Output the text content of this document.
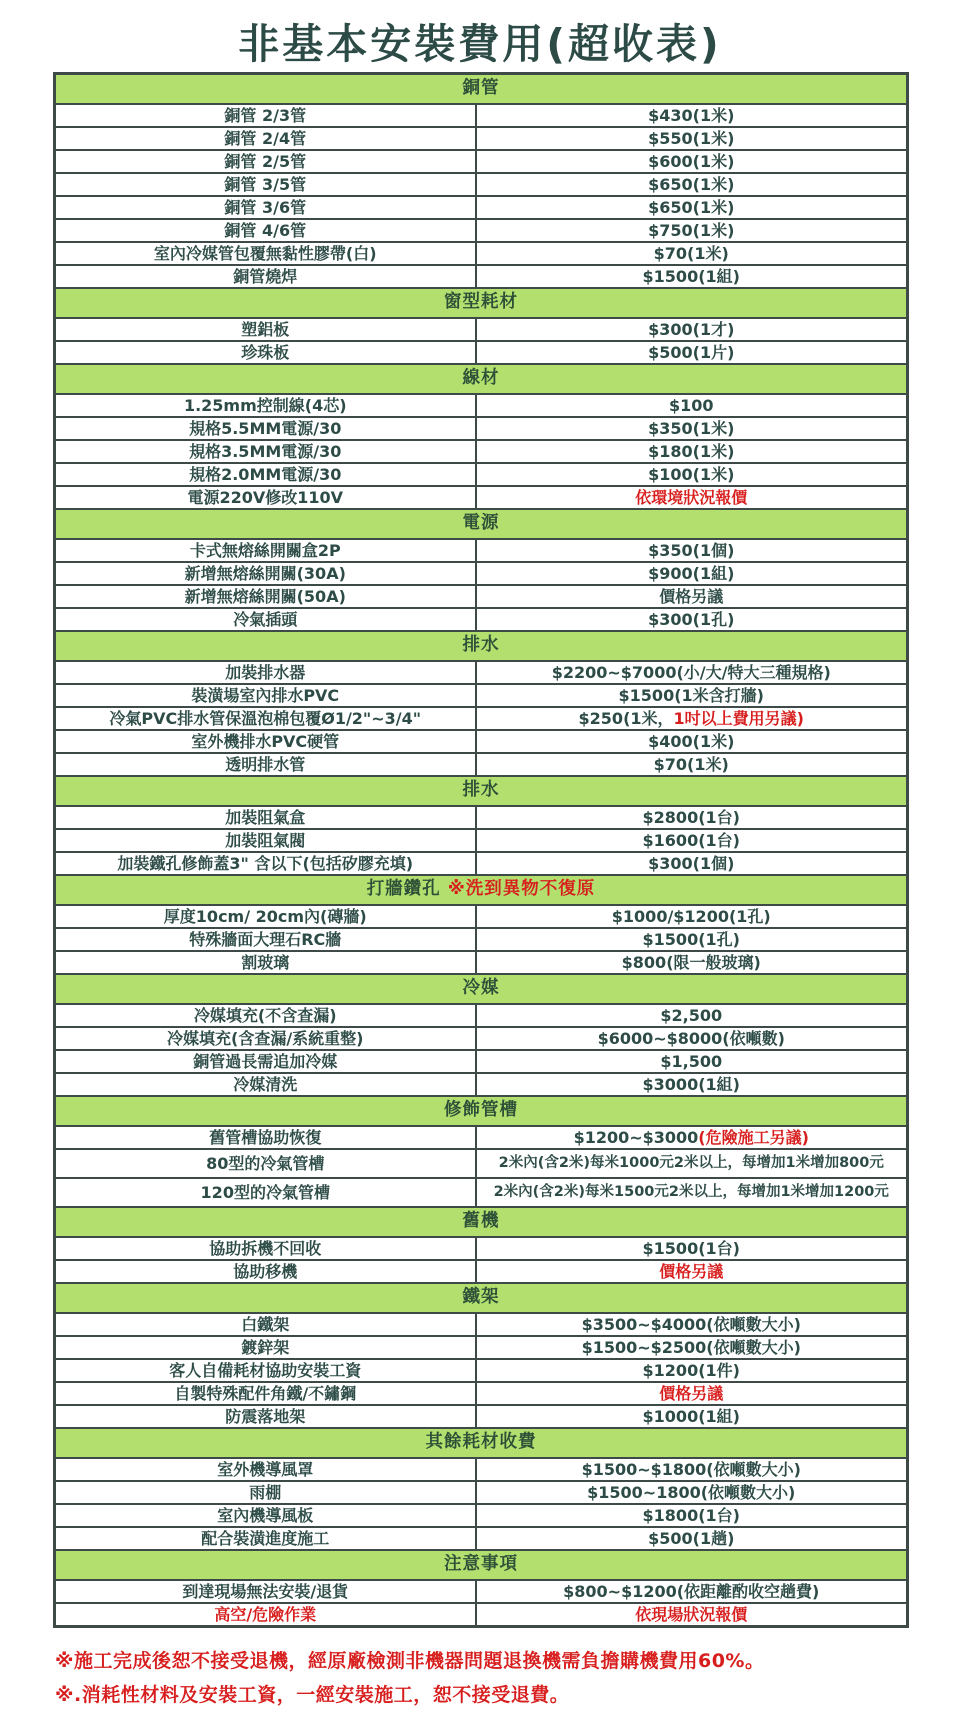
非基本安裝費用(超收表)
銅管	
銅管 2/3管	$430(1米)
銅管 2/4管	$550(1米)
銅管 2/5管	$600(1米)
銅管 3/5管	$650(1米)
銅管 3/6管	$650(1米)
銅管 4/6管	$750(1米)
室內冷媒管包覆無黏性膠帶(白)	$70(1米)
銅管燒焊	$1500(1組)
窗型耗材	
塑鋁板	$300(1才)
珍珠板	$500(1片)
線材	
1.25mm控制線(4芯)	$100
規格5.5MM電源/30	$350(1米)
規格3.5MM電源/30	$180(1米)
規格2.0MM電源/30	$100(1米)
電源220V修改110V	依環境狀況報價
電源	
卡式無熔絲開關盒2P	$350(1個)
新增無熔絲開關(30A)	$900(1組)
新增無熔絲開關(50A)	價格另議
冷氣插頭	$300(1孔)
排水	
加裝排水器	$2200~$7000(小/大/特大三種規格)
裝潢場室內排水PVC	$1500(1米含打牆)
冷氣PVC排水管保溫泡棉包覆Ø1/2"~3/4"	$250(1米，1吋以上費用另議)
室外機排水PVC硬管	$400(1米)
透明排水管	$70(1米)
排水	
加裝阻氣盒	$2800(1台)
加裝阻氣閥	$1600(1台)
加裝鐵孔修飾蓋3" 含以下(包括矽膠充填)	$300(1個)
打牆鑽孔 ※洗到異物不復原	
厚度10cm/ 20cm內(磚牆)	$1000/$1200(1孔)
特殊牆面大理石RC牆	$1500(1孔)
割玻璃	$800(限一般玻璃)
冷媒	
冷媒填充(不含查漏)	$2,500
冷媒填充(含查漏/系統重整)	$6000~$8000(依噸數)
銅管過長需追加冷媒	$1,500
冷媒清洗	$3000(1組)
修飾管槽	
舊管槽協助恢復	$1200~$3000(危險施工另議)
80型的冷氣管槽	2米內(含2米)每米1000元2米以上，每增加1米增加800元
120型的冷氣管槽	2米內(含2米)每米1500元2米以上，每增加1米增加1200元
舊機	
協助拆機不回收	$1500(1台)
協助移機	價格另議
鐵架	
白鐵架	$3500~$4000(依噸數大小)
鍍鋅架	$1500~$2500(依噸數大小)
客人自備耗材協助安裝工資	$1200(1件)
自製特殊配件角鐵/不鏽鋼	價格另議
防震落地架	$1000(1組)
其餘耗材收費	
室外機導風罩	$1500~$1800(依噸數大小)
雨棚	$1500~1800(依噸數大小)
室內機導風板	$1800(1台)
配合裝潢進度施工	$500(1趟)
注意事項	
到達現場無法安裝/退貨	$800~$1200(依距離酌收空趟費)
高空/危險作業	依現場狀況報價
※施工完成後恕不接受退機，經原廠檢測非機器問題退換機需負擔購機費用60%。
※.消耗性材料及安裝工資，一經安裝施工，恕不接受退費。
